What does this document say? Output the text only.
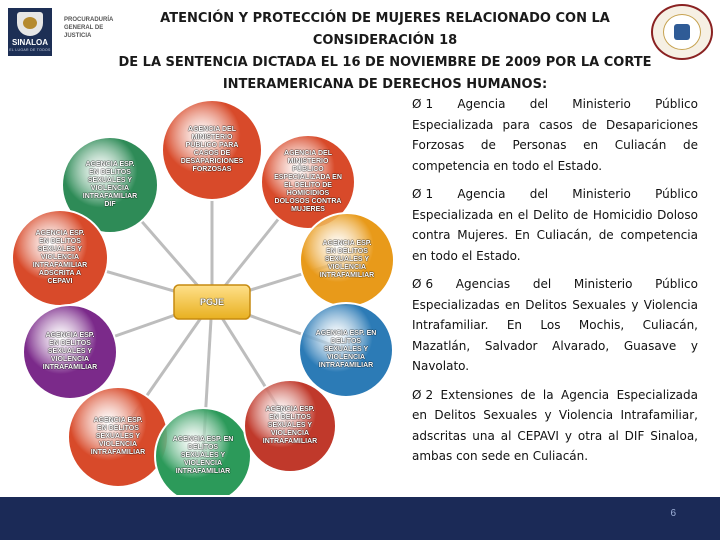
SINALOA
EL LUGAR DE TODOS
PROCURADURÍA
GENERAL DE
JUSTICIA
ATENCIÓN Y PROTECCIÓN DE MUJERES RELACIONADO CON LA CONSIDERACIÓN 18
DE LA SENTENCIA DICTADA EL 16 DE NOVIEMBRE DE 2009 POR LA CORTE
INTERAMERICANA DE DERECHOS HUMANOS:
AGENCIA ESP.
EN DELITOS
SEXUALES Y
VIOLENCIA
INTRAFAMILIAR
DIF
AGENCIA DEL
MINISTERIO
PÚBLICO PARA
CASOS DE
DESAPARICIONES
FORZOSAS
AGENCIA DEL
MINISTERIO
PÚBLICO
ESPECIALIZADA EN
EL DELITO DE
HOMICIDIOS
DOLOSOS CONTRA
MUJERES
AGENCIA ESP.
EN DELITOS
SEXUALES Y
VIOLENCIA
INTRAFAMILIAR
ADSCRITA A
CEPAVI
AGENCIA ESP.
EN DELITOS
SEXUALES Y
VIOLENCIA
INTRAFAMILIAR
AGENCIA ESP.
EN DELITOS
SEXUALES Y
VIOLENCIA
INTRAFAMILIAR
AGENCIA ESP. EN
DELITOS
SEXUALES Y
VIOLENCIA
INTRAFAMILIAR
AGENCIA ESP.
EN DELITOS
SEXUALES Y
VIOLENCIA
INTRAFAMILIAR
AGENCIA ESP. EN
DELITOS
SEXUALES Y
VIOLENCIA
INTRAFAMILIAR
AGENCIA ESP.
EN DELITOS
SEXUALES Y
VIOLENCIA
INTRAFAMILIAR
PGJE
Ø 1 Agencia del Ministerio Público Especializada para casos de Desapariciones Forzosas de Personas en Culiacán de competencia en todo el Estado.
Ø 1 Agencia del Ministerio Público Especializada en el Delito de Homicidio Doloso contra Mujeres. En Culiacán, de competencia en todo el Estado.
Ø 6 Agencias del Ministerio Público Especializadas en Delitos Sexuales y Violencia Intrafamiliar. En Los Mochis, Culiacán, Mazatlán, Salvador Alvarado, Guasave y Navolato.
Ø 2 Extensiones de la Agencia Especializada en Delitos Sexuales y Violencia Intrafamiliar, adscritas una al CEPAVI y otra al DIF Sinaloa, ambas con sede en Culiacán.
6
